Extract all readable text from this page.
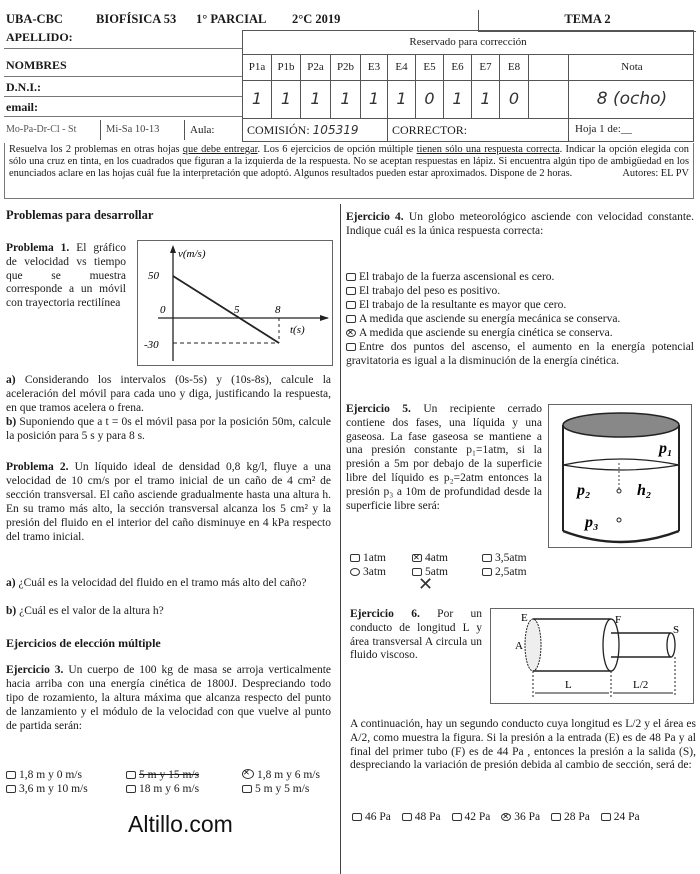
UBA-CBC	BIOFÍSICA 53 1° PARCIAL 2°C 2019	TEMA 2
APELLIDO:
NOMBRES
D.N.I.:
email:
Mo-Pa-Dr-Cl - St	Mi-Sa 10-13	Aula:
Reservado para corrección
P1a	P1b	P2a	P2b	E3	E4	E5	E6	E7	E8	Nota
1	1	1	1	1	1	0	1	1	0	8 (ocho)
COMISIÓN: 105319	CORRECTOR:	Hoja 1 de:__
Resuelva los 2 problemas en otras hojas que debe entregar. Los 6 ejercicios de opción múltiple tienen sólo una respuesta correcta. Indicar la opción elegida con sólo una cruz en tinta, en los cuadrados que figuran a la izquierda de la respuesta. No se aceptan respuestas en lápiz. Si encuentra algún tipo de ambigüedad en los enunciados aclare en las hojas cuál fue la interpretación que adoptó. Algunos resultados pueden estar aproximados. Dispone de 2 horas.	Autores: EL PV
Problemas para desarrollar
Problema 1. El gráfico de velocidad vs tiempo que se muestra corresponde a un móvil con trayectoria rectilínea
v(m/s)
50
0	5	8
t(s)
-30
a) Considerando los intervalos (0s-5s) y (10s-8s), calcule la aceleración del móvil para cada uno y diga, justificando la respuesta, en que tramos acelera o frena.
b) Suponiendo que a t = 0s el móvil pasa por la posición 50m, calcule la posición para 5 s y para 8 s.
Problema 2. Un líquido ideal de densidad 0,8 kg/l, fluye a una velocidad de 10 cm/s por el tramo inicial de un caño de 4 cm² de sección transversal. El caño asciende gradualmente hasta una altura h. En su tramo más alto, la sección transversal alcanza los 5 cm² y la presión del fluido en el interior del caño disminuye en 4 kPa respecto del tramo inicial.
a) ¿Cuál es la velocidad del fluido en el tramo más alto del caño?
b) ¿Cuál es el valor de la altura h?
Ejercicios de elección múltiple
Ejercicio 3. Un cuerpo de 100 kg de masa se arroja verticalmente hacia arriba con una energía cinética de 1800J. Despreciando todo tipo de rozamiento, la altura máxima que alcanza respecto del punto de lanzamiento y el módulo de la velocidad con que vuelve al punto de partida serán:
1,8 m y 0 m/s	5 m y 15 m/s ×	1,8 m y 6 m/s
3,6 m y 10 m/s	18 m y 6 m/s	5 m y 5 m/s
Altillo.com
Ejercicio 4. Un globo meteorológico asciende con velocidad constante. Indique cuál es la única respuesta correcta:
El trabajo de la fuerza ascensional es cero.
El trabajo del peso es positivo.
El trabajo de la resultante es mayor que cero.
A medida que asciende su energía mecánica se conserva.
×A medida que asciende su energía cinética se conserva.
Entre dos puntos del ascenso, el aumento en la energía potencial gravitatoria es igual a la disminución de la energía cinética.
Ejercicio 5. Un recipiente cerrado contiene dos fases, una líquida y una gaseosa. La fase gaseosa se mantiene a una presión constante p₁=1atm, si la presión a 5m por debajo de la superficie libre del líquido es p₂=2atm entonces la presión p₃ a 10m de profundidad desde la superficie libre será:
p₁
p₂	h₂
p₃
1atm ×	4atm	3,5atm
3atm	5atm	2,5atm
✕
Ejercicio 6. Por un conducto de longitud L y área transversal A circula un fluido viscoso.
E	F
S
A
L	L/2
A continuación, hay un segundo conducto cuya longitud es L/2 y el área es A/2, como muestra la figura. Si la presión a la entrada (E) es de 48 Pa y al final del primer tubo (F) es de 44 Pa , entonces la presión a la salida (S), despreciando la variación de presión debida al cambio de sección, será de:
46 Pa 48 Pa 42 Pa × 36 Pa 28 Pa 24 Pa
